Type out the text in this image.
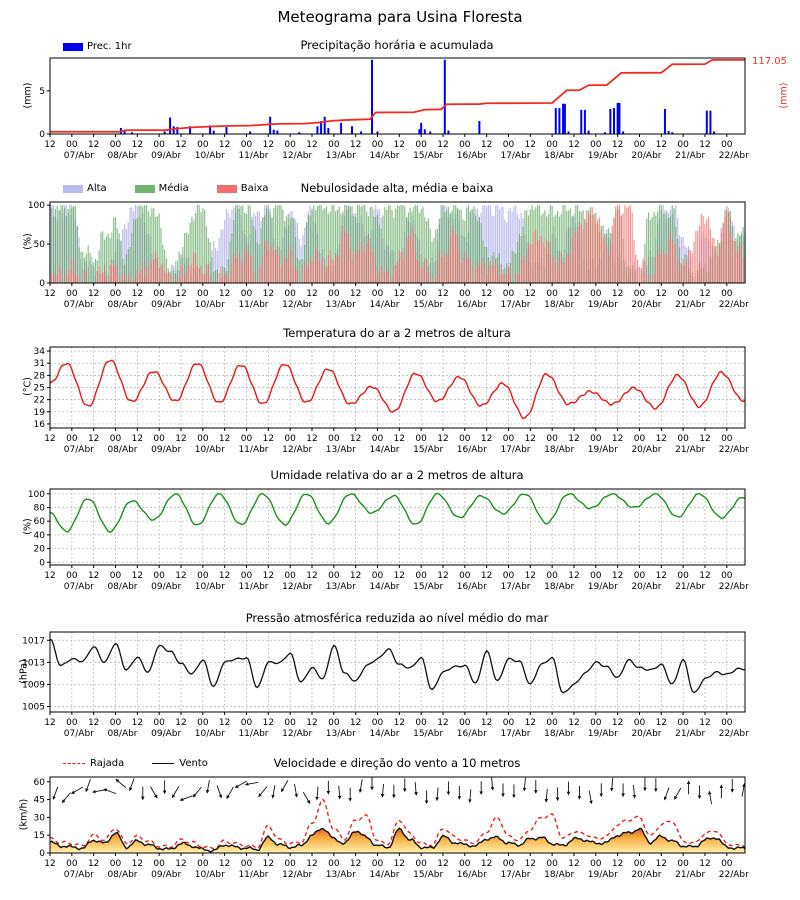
0
5
12 00
07/Abr
12 00
08/Abr
12 00
09/Abr
12 00
10/Abr
12 00
11/Abr
12 00
12/Abr
12 00
13/Abr
12 00
14/Abr
12 00
15/Abr
12 00
16/Abr
12 00
17/Abr
12 00
18/Abr
12 00
19/Abr
12 00
20/Abr
12 00
21/Abr
12 00
22/Abr
0
50
100
12 00
07/Abr
12 00
08/Abr
12 00
09/Abr
12 00
10/Abr
12 00
11/Abr
12 00
12/Abr
12 00
13/Abr
12 00
14/Abr
12 00
15/Abr
12 00
16/Abr
12 00
17/Abr
12 00
18/Abr
12 00
19/Abr
12 00
20/Abr
12 00
21/Abr
12 00
22/Abr
16
19
22
25
28
31
34
12 00
07/Abr
12 00
08/Abr
12 00
09/Abr
12 00
10/Abr
12 00
11/Abr
12 00
12/Abr
12 00
13/Abr
12 00
14/Abr
12 00
15/Abr
12 00
16/Abr
12 00
17/Abr
12 00
18/Abr
12 00
19/Abr
12 00
20/Abr
12 00
21/Abr
12 00
22/Abr
0
20
40
60
80
100
12 00
07/Abr
12 00
08/Abr
12 00
09/Abr
12 00
10/Abr
12 00
11/Abr
12 00
12/Abr
12 00
13/Abr
12 00
14/Abr
12 00
15/Abr
12 00
16/Abr
12 00
17/Abr
12 00
18/Abr
12 00
19/Abr
12 00
20/Abr
12 00
21/Abr
12 00
22/Abr
1005
1009
1013
1017
12 00
07/Abr
12 00
08/Abr
12 00
09/Abr
12 00
10/Abr
12 00
11/Abr
12 00
12/Abr
12 00
13/Abr
12 00
14/Abr
12 00
15/Abr
12 00
16/Abr
12 00
17/Abr
12 00
18/Abr
12 00
19/Abr
12 00
20/Abr
12 00
21/Abr
12 00
22/Abr
0
15
30
45
60
12 00
07/Abr
12 00
08/Abr
12 00
09/Abr
12 00
10/Abr
12 00
11/Abr
12 00
12/Abr
12 00
13/Abr
12 00
14/Abr
12 00
15/Abr
12 00
16/Abr
12 00
17/Abr
12 00
18/Abr
12 00
19/Abr
12 00
20/Abr
12 00
21/Abr
12 00
22/Abr
Meteograma para Usina Floresta
Precipitação horária e acumulada
Nebulosidade alta, média e baixa
Temperatura do ar a 2 metros de altura
Umidade relativa do ar a 2 metros de altura
Pressão atmosférica reduzida ao nível médio do mar
Velocidade e direção do vento a 10 metros
(mm)
(%)
(°C)
(%)
(hPa)
(km/h)
(mm)
117.05
Prec. 1hr
Alta	Média	Baixa
Rajada	Vento
